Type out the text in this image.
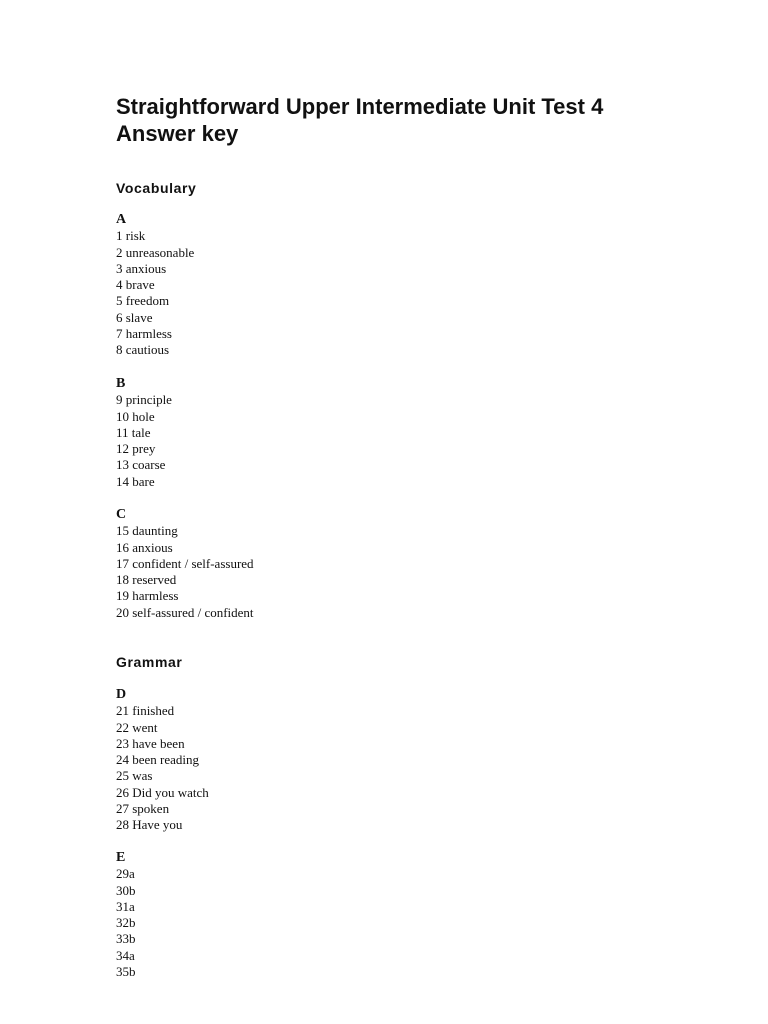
Straightforward Upper Intermediate Unit Test 4
Answer key
Vocabulary
A
1 risk
2 unreasonable
3 anxious
4 brave
5 freedom
6 slave
7 harmless
8 cautious
B
9 principle
10 hole
11 tale
12 prey
13 coarse
14 bare
C
15 daunting
16 anxious
17 confident / self-assured
18 reserved
19 harmless
20 self-assured / confident
Grammar
D
21 finished
22 went
23 have been
24 been reading
25 was
26 Did you watch
27 spoken
28 Have you
E
29a
30b
31a
32b
33b
34a
35b
